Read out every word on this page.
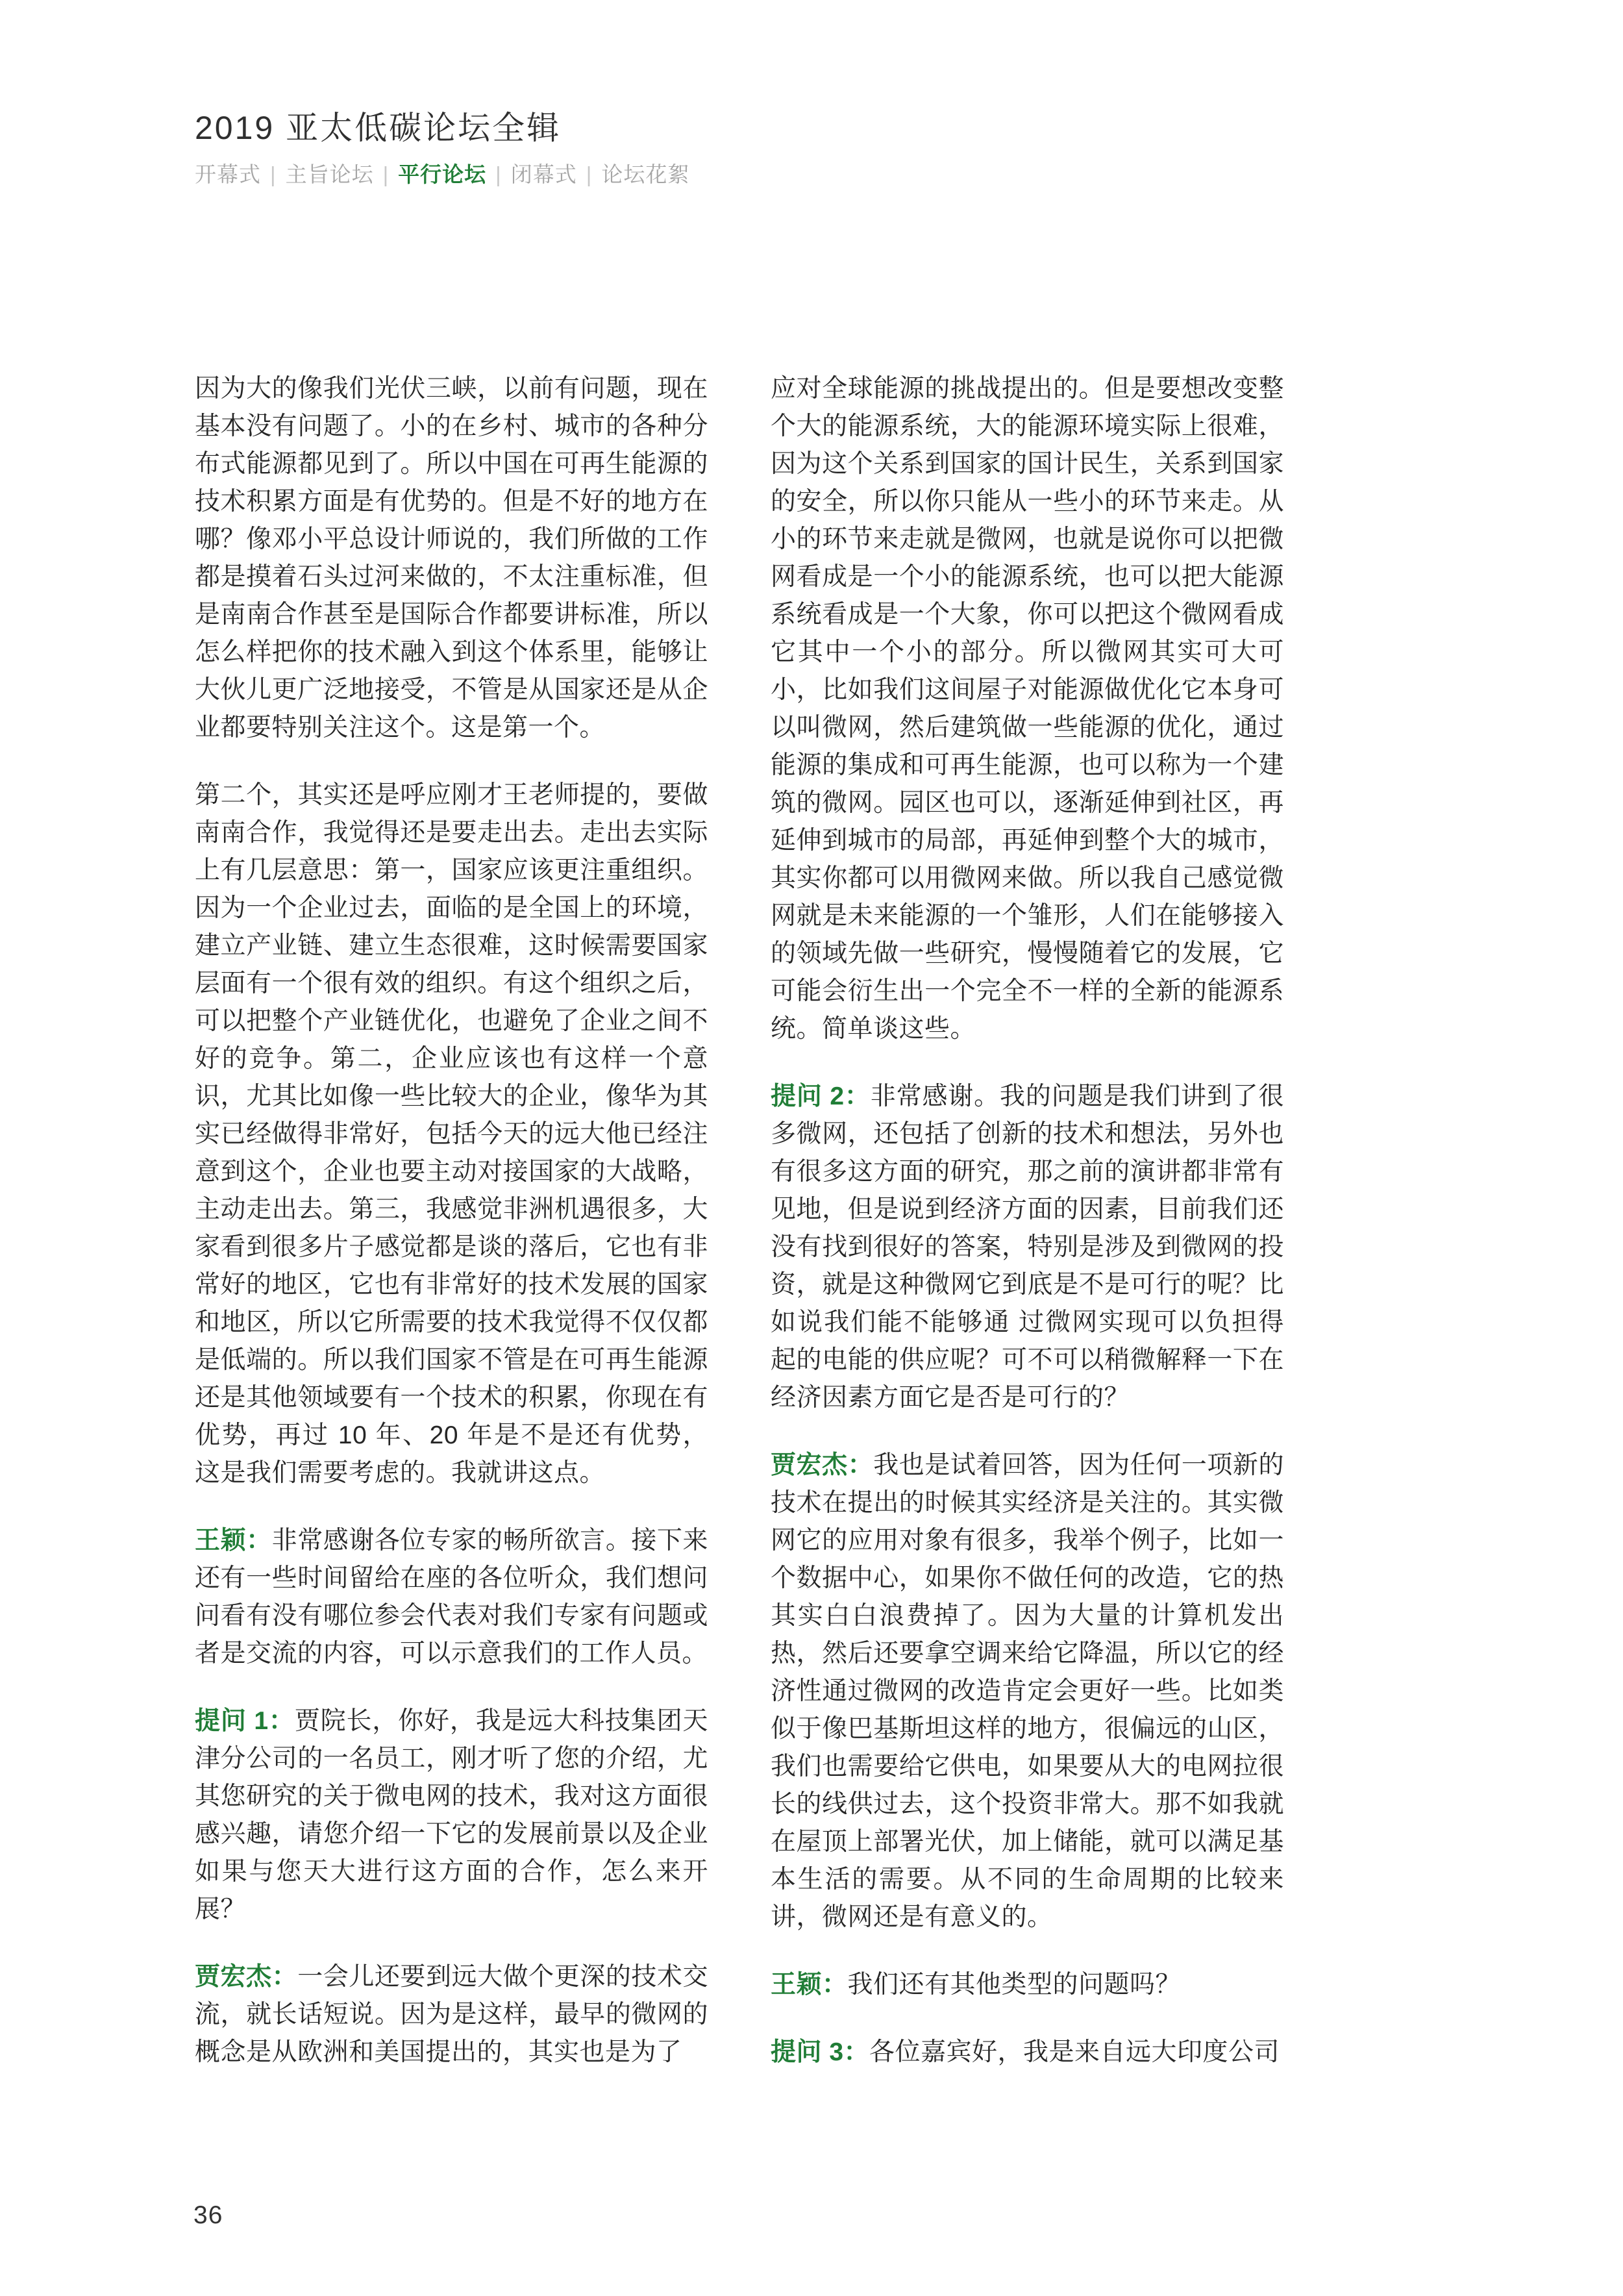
2019 亚太低碳论坛全辑
开幕式 | 主旨论坛 | 平行论坛 | 闭幕式 | 论坛花絮

因为大的像我们光伏三峡，以前有问题，现在基本没有问题了。小的在乡村、城市的各种分布式能源都见到了。所以中国在可再生能源的技术积累方面是有优势的。但是不好的地方在哪？像邓小平总设计师说的，我们所做的工作都是摸着石头过河来做的，不太注重标准，但是南南合作甚至是国际合作都要讲标准，所以怎么样把你的技术融入到这个体系里，能够让大伙儿更广泛地接受，不管是从国家还是从企业都要特别关注这个。这是第一个。

第二个，其实还是呼应刚才王老师提的，要做南南合作，我觉得还是要走出去。走出去实际上有几层意思：第一，国家应该更注重组织。因为一个企业过去，面临的是全国上的环境，建立产业链、建立生态很难，这时候需要国家层面有一个很有效的组织。有这个组织之后，可以把整个产业链优化，也避免了企业之间不好的竞争。第二，企业应该也有这样一个意识，尤其比如像一些比较大的企业，像华为其实已经做得非常好，包括今天的远大他已经注意到这个，企业也要主动对接国家的大战略，主动走出去。第三，我感觉非洲机遇很多，大家看到很多片子感觉都是谈的落后，它也有非常好的地区，它也有非常好的技术发展的国家和地区，所以它所需要的技术我觉得不仅仅都是低端的。所以我们国家不管是在可再生能源还是其他领域要有一个技术的积累，你现在有优势，再过 10 年、20 年是不是还有优势，这是我们需要考虑的。我就讲这点。

王颖：非常感谢各位专家的畅所欲言。接下来还有一些时间留给在座的各位听众，我们想问问看有没有哪位参会代表对我们专家有问题或者是交流的内容，可以示意我们的工作人员。

提问 1：贾院长，你好，我是远大科技集团天津分公司的一名员工，刚才听了您的介绍，尤其您研究的关于微电网的技术，我对这方面很感兴趣，请您介绍一下它的发展前景以及企业如果与您天大进行这方面的合作，怎么来开展？

贾宏杰：一会儿还要到远大做个更深的技术交流，就长话短说。因为是这样，最早的微网的概念是从欧洲和美国提出的，其实也是为了

应对全球能源的挑战提出的。但是要想改变整个大的能源系统，大的能源环境实际上很难，因为这个关系到国家的国计民生，关系到国家的安全，所以你只能从一些小的环节来走。从小的环节来走就是微网，也就是说你可以把微网看成是一个小的能源系统，也可以把大能源系统看成是一个大象，你可以把这个微网看成它其中一个小的部分。所以微网其实可大可小，比如我们这间屋子对能源做优化它本身可以叫微网，然后建筑做一些能源的优化，通过能源的集成和可再生能源，也可以称为一个建筑的微网。园区也可以，逐渐延伸到社区，再延伸到城市的局部，再延伸到整个大的城市，其实你都可以用微网来做。所以我自己感觉微网就是未来能源的一个雏形，人们在能够接入的领域先做一些研究，慢慢随着它的发展，它可能会衍生出一个完全不一样的全新的能源系统。简单谈这些。

提问 2：非常感谢。我的问题是我们讲到了很多微网，还包括了创新的技术和想法，另外也有很多这方面的研究，那之前的演讲都非常有见地，但是说到经济方面的因素，目前我们还没有找到很好的答案，特别是涉及到微网的投资，就是这种微网它到底是不是可行的呢？比如说我们能不能够通 过微网实现可以负担得起的电能的供应呢？可不可以稍微解释一下在经济因素方面它是否是可行的？

贾宏杰：我也是试着回答，因为任何一项新的技术在提出的时候其实经济是关注的。其实微网它的应用对象有很多，我举个例子，比如一个数据中心，如果你不做任何的改造，它的热其实白白浪费掉了。因为大量的计算机发出热，然后还要拿空调来给它降温，所以它的经济性通过微网的改造肯定会更好一些。比如类似于像巴基斯坦这样的地方，很偏远的山区，我们也需要给它供电，如果要从大的电网拉很长的线供过去，这个投资非常大。那不如我就在屋顶上部署光伏，加上储能，就可以满足基本生活的需要。从不同的生命周期的比较来讲，微网还是有意义的。

王颖：我们还有其他类型的问题吗？

提问 3：各位嘉宾好，我是来自远大印度公司

36
